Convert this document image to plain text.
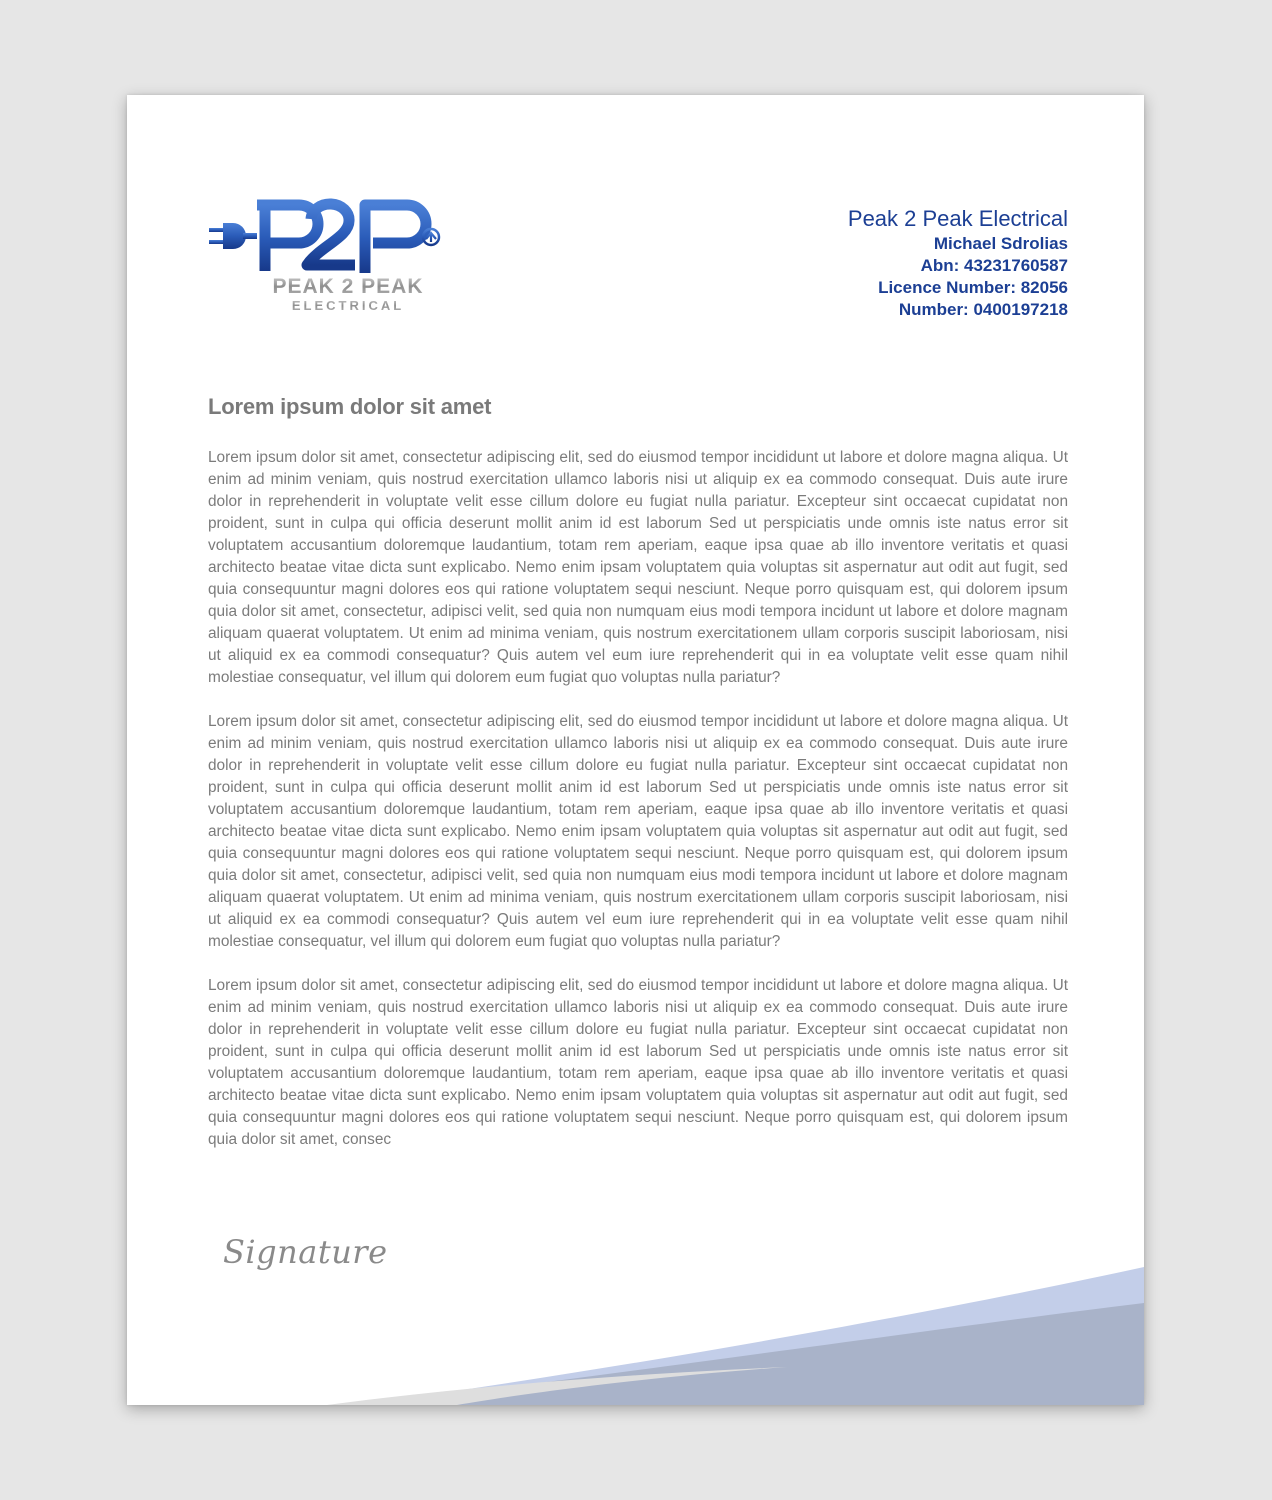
PEAK 2 PEAK
ELECTRICAL
Peak 2 Peak Electrical
Michael Sdrolias
Abn: 43231760587
Licence Number: 82056
Number: 0400197218
Lorem ipsum dolor sit amet

Lorem ipsum dolor sit amet, consectetur adipiscing elit, sed do eiusmod tempor incididunt ut labore et dolore magna aliqua. Ut enim ad minim veniam, quis nostrud exercitation ullamco laboris nisi ut aliquip ex ea commodo consequat. Duis aute irure dolor in reprehenderit in voluptate velit esse cillum dolore eu fugiat nulla pariatur. Excepteur sint occaecat cupidatat non proident, sunt in culpa qui officia deserunt mollit anim id est laborum Sed ut perspiciatis unde omnis iste natus error sit voluptatem accusantium doloremque laudantium, totam rem aperiam, eaque ipsa quae ab illo inventore veritatis et quasi architecto beatae vitae dicta sunt explicabo. Nemo enim ipsam voluptatem quia voluptas sit aspernatur aut odit aut fugit, sed quia consequuntur magni dolores eos qui ratione voluptatem sequi nesciunt. Neque porro quisquam est, qui dolorem ipsum quia dolor sit amet, consectetur, adipisci velit, sed quia non numquam eius modi tempora incidunt ut labore et dolore magnam aliquam quaerat voluptatem. Ut enim ad minima veniam, quis nostrum exercitationem ullam corporis suscipit laboriosam, nisi ut aliquid ex ea commodi consequatur? Quis autem vel eum iure reprehenderit qui in ea voluptate velit esse quam nihil molestiae consequatur, vel illum qui dolorem eum fugiat quo voluptas nulla pariatur?

Lorem ipsum dolor sit amet, consectetur adipiscing elit, sed do eiusmod tempor incididunt ut labore et dolore magna aliqua. Ut enim ad minim veniam, quis nostrud exercitation ullamco laboris nisi ut aliquip ex ea commodo consequat. Duis aute irure dolor in reprehenderit in voluptate velit esse cillum dolore eu fugiat nulla pariatur. Excepteur sint occaecat cupidatat non proident, sunt in culpa qui officia deserunt mollit anim id est laborum Sed ut perspiciatis unde omnis iste natus error sit voluptatem accusantium doloremque laudantium, totam rem aperiam, eaque ipsa quae ab illo inventore veritatis et quasi architecto beatae vitae dicta sunt explicabo. Nemo enim ipsam voluptatem quia voluptas sit aspernatur aut odit aut fugit, sed quia consequuntur magni dolores eos qui ratione voluptatem sequi nesciunt. Neque porro quisquam est, qui dolorem ipsum quia dolor sit amet, consectetur, adipisci velit, sed quia non numquam eius modi tempora incidunt ut labore et dolore magnam aliquam quaerat voluptatem. Ut enim ad minima veniam, quis nostrum exercitationem ullam corporis suscipit laboriosam, nisi ut aliquid ex ea commodi consequatur? Quis autem vel eum iure reprehenderit qui in ea voluptate velit esse quam nihil molestiae consequatur, vel illum qui dolorem eum fugiat quo voluptas nulla pariatur?

Lorem ipsum dolor sit amet, consectetur adipiscing elit, sed do eiusmod tempor incididunt ut labore et dolore magna aliqua. Ut enim ad minim veniam, quis nostrud exercitation ullamco laboris nisi ut aliquip ex ea commodo consequat. Duis aute irure dolor in reprehenderit in voluptate velit esse cillum dolore eu fugiat nulla pariatur. Excepteur sint occaecat cupidatat non proident, sunt in culpa qui officia deserunt mollit anim id est laborum Sed ut perspiciatis unde omnis iste natus error sit voluptatem accusantium doloremque laudantium, totam rem aperiam, eaque ipsa quae ab illo inventore veritatis et quasi architecto beatae vitae dicta sunt explicabo. Nemo enim ipsam voluptatem quia voluptas sit aspernatur aut odit aut fugit, sed quia consequuntur magni dolores eos qui ratione voluptatem sequi nesciunt. Neque porro quisquam est, qui dolorem ipsum quia dolor sit amet, consec

Signature
